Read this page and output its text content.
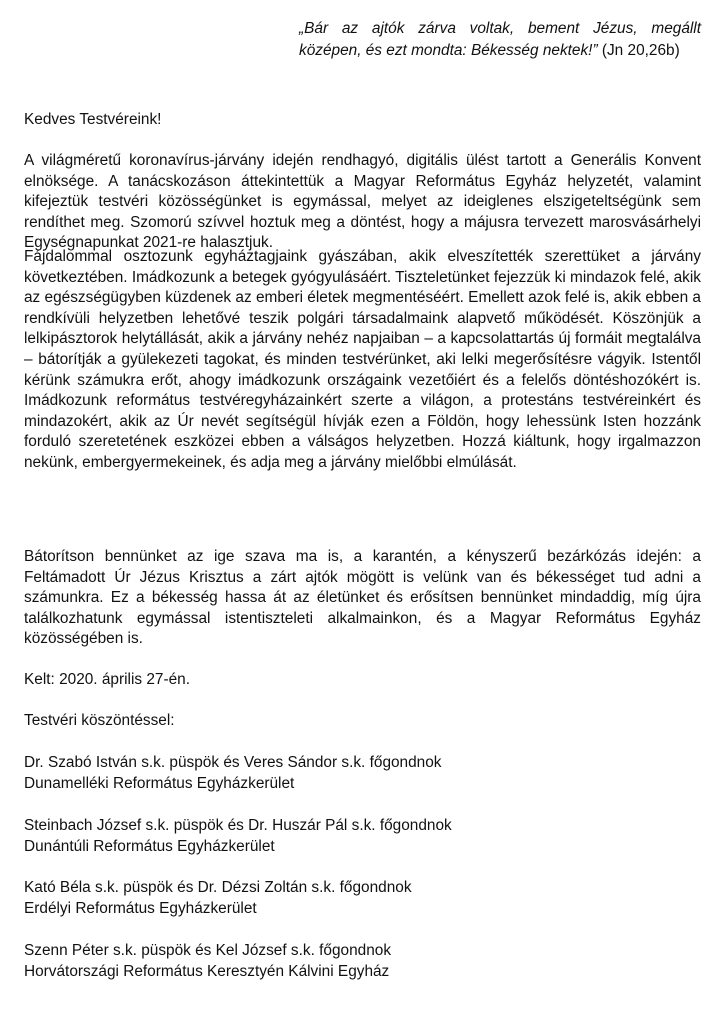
„Bár az ajtók zárva voltak, bement Jézus, megállt középen, és ezt mondta: Békesség nektek!” (Jn 20,26b)
Kedves Testvéreink!

A világméretű koronavírus-járvány idején rendhagyó, digitális ülést tartott a Generális Konvent elnöksége. A tanácskozáson áttekintettük a Magyar Református Egyház helyzetét, valamint kifejeztük testvéri közösségünket is egymással, melyet az ideiglenes elszigeteltségünk sem rendíthet meg. Szomorú szívvel hoztuk meg a döntést, hogy a májusra tervezett marosvásárhelyi Egységnapunkat 2021-re halasztjuk.

Fájdalommal osztozunk egyháztagjaink gyászában, akik elveszítették szerettüket a járvány következtében. Imádkozunk a betegek gyógyulásáért. Tiszteletünket fejezzük ki mindazok felé, akik az egészségügyben küzdenek az emberi életek megmentéséért. Emellett azok felé is, akik ebben a rendkívüli helyzetben lehetővé teszik polgári társadalmaink alapvető működését. Köszönjük a lelkipásztorok helytállását, akik a járvány nehéz napjaiban – a kapcsolattartás új formáit megtalálva – bátorítják a gyülekezeti tagokat, és minden testvérünket, aki lelki megerősítésre vágyik. Istentől kérünk számukra erőt, ahogy imádkozunk országaink vezetőiért és a felelős döntéshozókért is. Imádkozunk református testvéregyházainkért szerte a világon, a protestáns testvéreinkért és mindazokért, akik az Úr nevét segítségül hívják ezen a Földön, hogy lehessünk Isten hozzánk forduló szeretetének eszközei ebben a válságos helyzetben. Hozzá kiáltunk, hogy irgalmazzon nekünk, embergyermekeinek, és adja meg a járvány mielőbbi elmúlását.

Bátorítson bennünket az ige szava ma is, a karantén, a kényszerű bezárkózás idején: a Feltámadott Úr Jézus Krisztus a zárt ajtók mögött is velünk van és békességet tud adni a számunkra. Ez a békesség hassa át az életünket és erősítsen bennünket mindaddig, míg újra találkozhatunk egymással istentiszteleti alkalmainkon, és a Magyar Református Egyház közösségében is.

Kelt: 2020. április 27-én.
Testvéri köszöntéssel:
Dr. Szabó István s.k. püspök és Veres Sándor s.k. főgondnok
Dunamelléki Református Egyházkerület
Steinbach József s.k. püspök és Dr. Huszár Pál s.k. főgondnok
Dunántúli Református Egyházkerület
Kató Béla s.k. püspök és Dr. Dézsi Zoltán s.k. főgondnok
Erdélyi Református Egyházkerület
Szenn Péter s.k. püspök és Kel József s.k. főgondnok
Horvátországi Református Keresztyén Kálvini Egyház
